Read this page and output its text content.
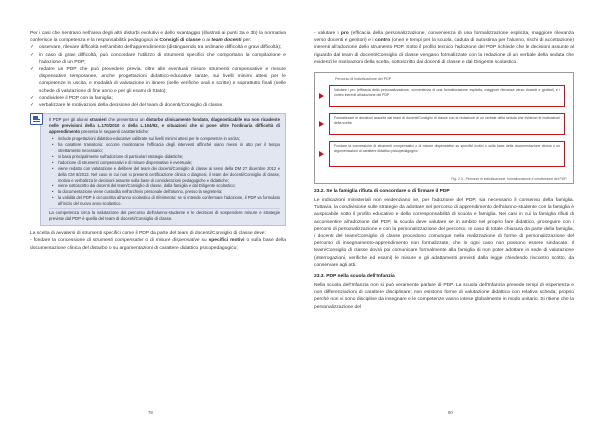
Per i casi che rientrano nell'area degli altri disturbi evolutivi e dello svantaggio (illustrati ai punti 3a e 3b) la normativa conferisce la competenza e la responsabilità pedagogica ai Consigli di classe o ai team docenti per:

✓ osservare, rilevare difficoltà nell'ambito dell'apprendimento (distinguendo tra ordinarie difficoltà e gravi difficoltà);
✓ in caso di gravi difficoltà, può concordare l'utilizzo di strumenti specifici che comportano la compilazione e l'adozione di un PDP;
✓ redarre un PDP che può prevedere previa, oltre alle eventuali misure strumenti compensative e misure dispensative temporanee, anche progettazioni didattico-educative tarate, sui livelli minimi attesi per le competenze in uscita, e modalità di valutazione in itinere (nelle verifiche orali e scritte) e soprattutto finali (nelle schede di valutazione di fine anno e per gli esami di Stato);
✓ condividere il PDP con la famiglia;
✓ verbalizzare le motivazioni della decisione del del team di docenti/Consiglio di classe.

Il PDP per gli alunni stranieri che presentano un disturbo clinicamente fondato, diagnosticabile ma non ricadente nelle previsioni della L.170/2010 o della L.104/92, e situazioni che si pone oltre l'ordinaria difficoltà di apprendimento presenta le seguenti caratteristiche:

• include progettazioni didattico-educative calibrate sui livelli minimi attesi per le competenze in uscita;
• ha carattere transitorio: occorre monitorarne l'efficacia degli interventi affinché siano messi in atto per il tempo strettamente necessario;
• si basa principalmente sull'adozione di particolari strategie didattiche;
• l'adozione di strumenti compensativi e di misure dispensative è eventuale;
• viene redatto con valutazione e delibere del team dei docenti/Consiglio di classe ai sensi della DM 27 dicembre 2012 e della CM 6/2013. Nel caso in cui non si presenti certificazione clinica o diagnosi, il team dei docenti/Consiglio di classe, motiva e verbalizza le decisioni assunte sulla base di considerazioni pedagogiche e didattiche;
• viene sottoscritto dai docenti del team/Consiglio di classe, dalla famiglia e dal Dirigente scolastico;
• la documentazione viene custodita nell'archivio personale dell'alunno, presso la segreteria;
• la validità del PDP è circoscritta all'anno scolastico di riferimento: se si intende confermare l'adozione, il PDP va formulato all'inizio del nuovo anno scolastico.

La competenza circa la valutazione del percorso dell'alunno-studente e le decisioni di sospendere misure e strategie previste dal PDP è quella del team di docenti/Consiglio di classe.

La scelta di avvalersi di strumenti specifici come il PDP da parte del team di docenti/Consiglio di classe deve:

- fondare la concessione di strumenti compensativi o di misure dispensative su specifici motivi o sulla base della documentazione clinica del disturbo o su argomentazioni di carattere didattico psicopedagogico;

78

- valutare i pro (efficacia della personalizzazione, convenienza di una formalizzazione esplicita, maggiore rilevanza verso docenti e genitori) e i contro (oneri e tempi per la scuola, caduta di autostima per l'alunno, rischi di accettazione) inerenti all'adozione dello strumento PDP. Sotto il profilo tecnico l'adozione del PDP richiede che le decisioni assunte al riguardo dal team di docenti/Consiglio di classe vengano formalizzate con la redazione di un verbale della seduta che evidenzi le motivazioni della scelta, sottoscritto dai docenti di classe e dal Dirigente scolastico.

Percorso di individuazione del PDP

Valutare i pro (efficacia della personalizzazione, convenienza di una formalizzazione esplicita, maggiore rilevanza verso docenti e genitori) e i contro inerenti all'adozione del PDP

Formalizzare le decisioni assunte dal team di docenti/Consiglio di classe con la redazione di un verbale della seduta che evidenzi le motivazioni della scelta

Fondare la concessione di strumenti compensativi o di misure dispensative su specifici motivi o sulla base della documentazione clinica o su argomentazioni di carattere didattico psicopedagogico

Fig. 2.3 - Percorso di individuazione, formalizzazione e condivisione del PDP.
23.2. Se la famiglia rifiuta di concordare o di firmare il PDP

Le indicazioni ministeriali non evidenziano se, per l'adozione del PDP, sia necessario il consenso della famiglia. Tuttavia, la condivisione sulle strategie da adottare nel percorso di apprendimento dell'alunno-studente con la famiglia è auspicabile sotto il profilo educativo e della corresponsabilità di scuola e famiglia. Nei casi in cui la famiglia rifiuti di acconsentire all'adozione del PDP, la scuola deve valutare se in ambito nel proprio fare didattico, proseguire con i percorsi di personalizzazione e con la personalizzazione del percorso. In caso di totale chiusura da parte della famiglia, i docenti del team/Consiglio di classe procedono comunque nella realizzazione di forme di personalizzazione del percorso di insegnamento-apprendimento non formalizzate, che in ogni caso non possono essere sindacate. Il team/Consiglio di classe dovrà poi comunicare formalmente alla famiglia di non poter adottare in sede di valutazione (interrogazioni, verifiche ed esami) le misure e gli adattamenti previsti dalla legge chiedendo riscontro scritto, da conservare agli atti.

23.3. PDP nella scuola dell'Infanzia

Nella scuola dell'Infanzia non si può veramente parlare di PDP. La scuola dell'Infanzia prevede tempi di esperienza e non differenziazioni di carattere disciplinare; non esistono forme di valutazione didattica con relativa scheda; proprio perché non vi sono discipline da insegnare e le competenze vanno intese globalmente in modo unitario. Si ritiene che la personalizzazione del

80
